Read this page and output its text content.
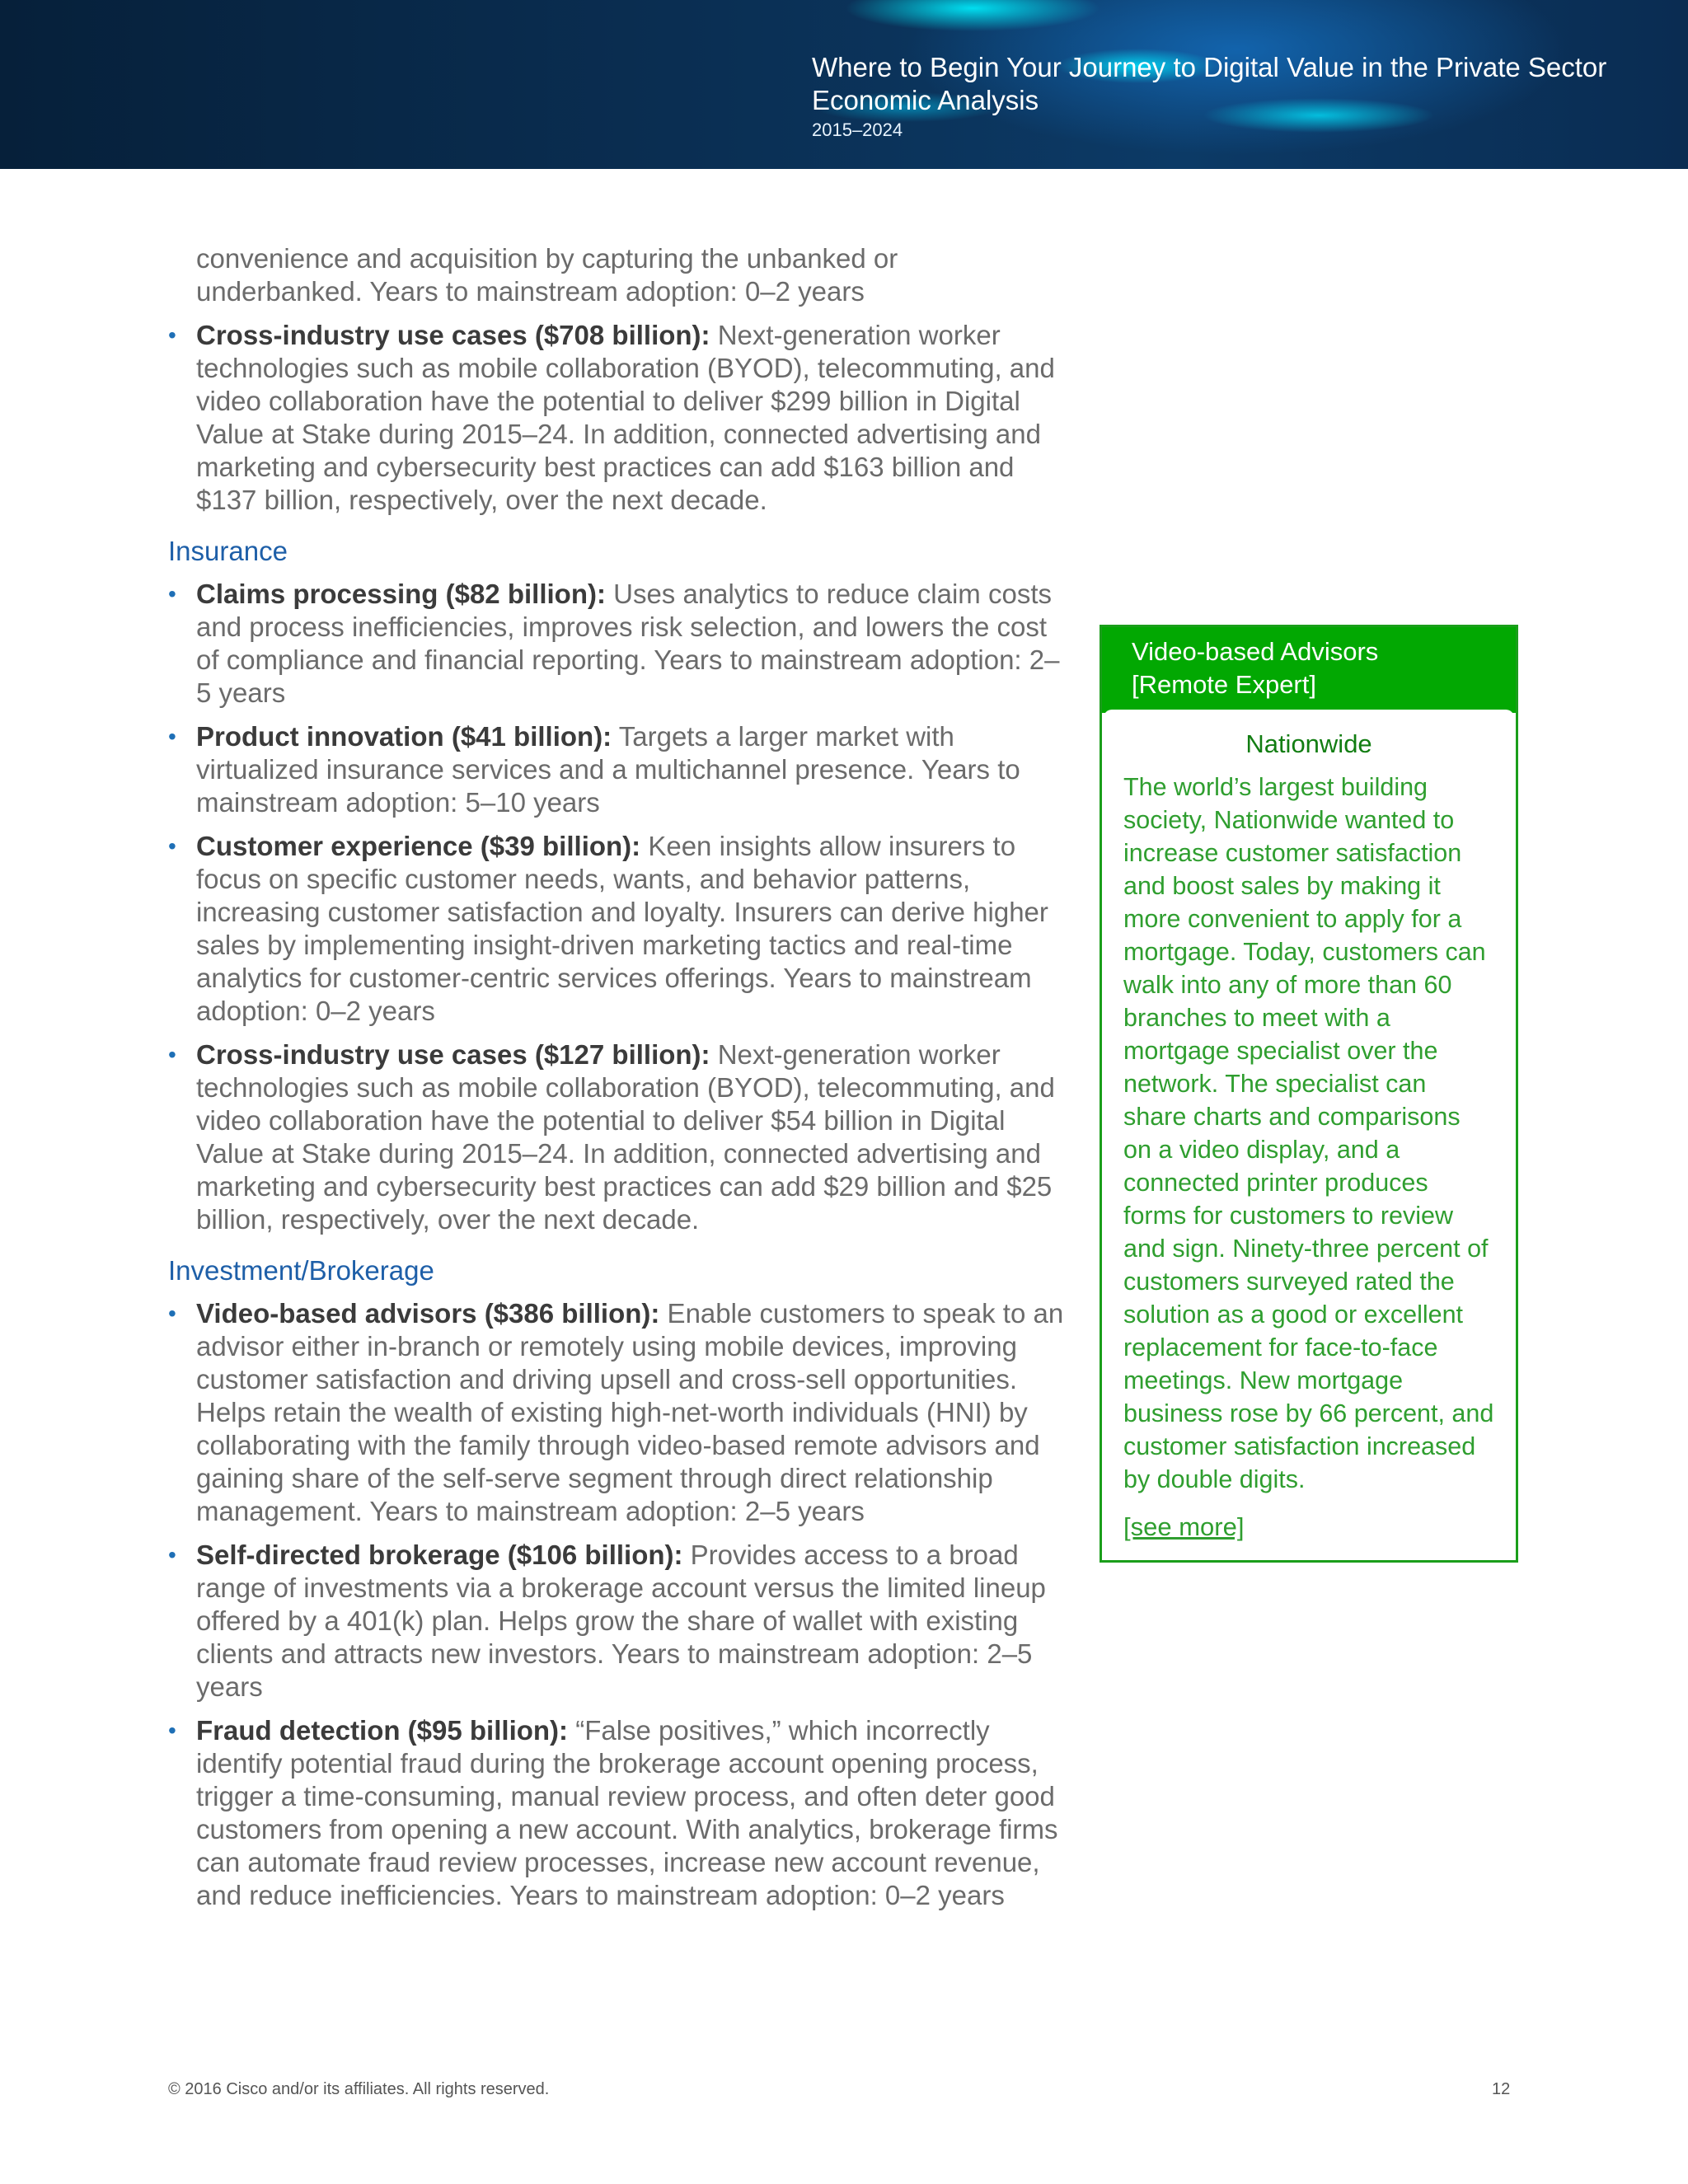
Where to Begin Your Journey to Digital Value in the Private Sector
Economic Analysis
2015–2024

convenience and acquisition by capturing the unbanked or underbanked. Years to mainstream adoption: 0–2 years

• Cross-industry use cases ($708 billion): Next-generation worker technologies such as mobile collaboration (BYOD), telecommuting, and video collaboration have the potential to deliver $299 billion in Digital Value at Stake during 2015–24. In addition, connected advertising and marketing and cybersecurity best practices can add $163 billion and $137 billion, respectively, over the next decade.
Insurance
• Claims processing ($82 billion): Uses analytics to reduce claim costs and process inefficiencies, improves risk selection, and lowers the cost of compliance and financial reporting. Years to mainstream adoption: 2–5 years
• Product innovation ($41 billion): Targets a larger market with virtualized insurance services and a multichannel presence. Years to mainstream adoption: 5–10 years
• Customer experience ($39 billion): Keen insights allow insurers to focus on specific customer needs, wants, and behavior patterns, increasing customer satisfaction and loyalty. Insurers can derive higher sales by implementing insight-driven marketing tactics and real-time analytics for customer-centric services offerings. Years to mainstream adoption: 0–2 years
• Cross-industry use cases ($127 billion): Next-generation worker technologies such as mobile collaboration (BYOD), telecommuting, and video collaboration have the potential to deliver $54 billion in Digital Value at Stake during 2015–24. In addition, connected advertising and marketing and cybersecurity best practices can add $29 billion and $25 billion, respectively, over the next decade.
Investment/Brokerage
• Video-based advisors ($386 billion): Enable customers to speak to an advisor either in-branch or remotely using mobile devices, improving customer satisfaction and driving upsell and cross-sell opportunities. Helps retain the wealth of existing high-net-worth individuals (HNI) by collaborating with the family through video-based remote advisors and gaining share of the self-serve segment through direct relationship management. Years to mainstream adoption: 2–5 years
• Self-directed brokerage ($106 billion): Provides access to a broad range of investments via a brokerage account versus the limited lineup offered by a 401(k) plan. Helps grow the share of wallet with existing clients and attracts new investors. Years to mainstream adoption: 2–5 years
• Fraud detection ($95 billion): “False positives,” which incorrectly identify potential fraud during the brokerage account opening process, trigger a time-consuming, manual review process, and often deter good customers from opening a new account. With analytics, brokerage firms can automate fraud review processes, increase new account revenue, and reduce inefficiencies. Years to mainstream adoption: 0–2 years
Video-based Advisors
[Remote Expert]
Nationwide
The world’s largest building society, Nationwide wanted to increase customer satisfaction and boost sales by making it more convenient to apply for a mortgage. Today, customers can walk into any of more than 60 branches to meet with a mortgage specialist over the network. The specialist can share charts and comparisons on a video display, and a connected printer produces forms for customers to review and sign. Ninety-three percent of customers surveyed rated the solution as a good or excellent replacement for face-to-face meetings. New mortgage business rose by 66 percent, and customer satisfaction increased by double digits.
[see more]
© 2016 Cisco and/or its affiliates. All rights reserved.	12
